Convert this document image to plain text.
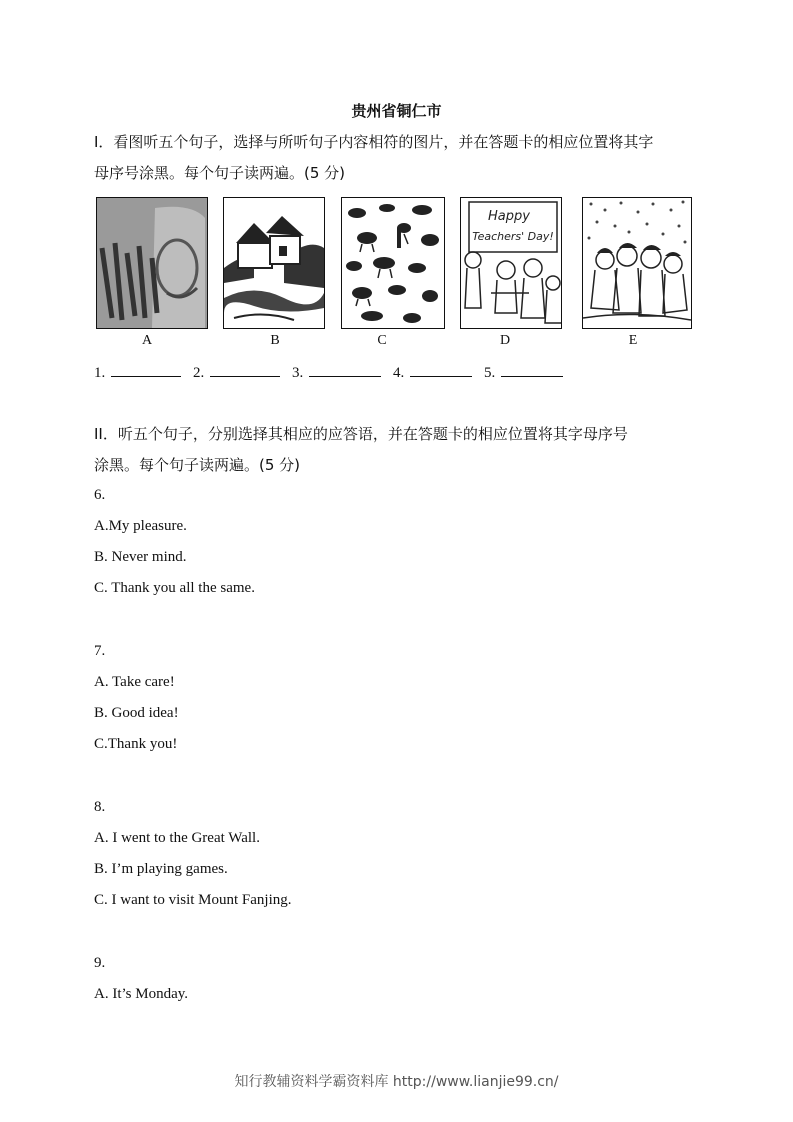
贵州省铜仁市
I．看图听五个句子，选择与所听句子内容相符的图片，并在答题卡的相应位置将其字
母序号涂黑。每个句子读两遍。(5 分)
A	B	C
Happy
Teachers' Day!
D	E
1.	2.	3.	4.	5.
II．听五个句子，分别选择其相应的应答语，并在答题卡的相应位置将其字母序号
涂黑。每个句子读两遍。(5 分)
6.
A.My pleasure.
B. Never mind.
C. Thank you all the same.
7.
A. Take care!
B. Good idea!
C.Thank you!
8.
A. I went to the Great Wall.
B. I’m playing games.
C. I want to visit Mount Fanjing.
9.
A. It’s Monday.
知行教辅资料学霸资料库 http://www.lianjie99.cn/
